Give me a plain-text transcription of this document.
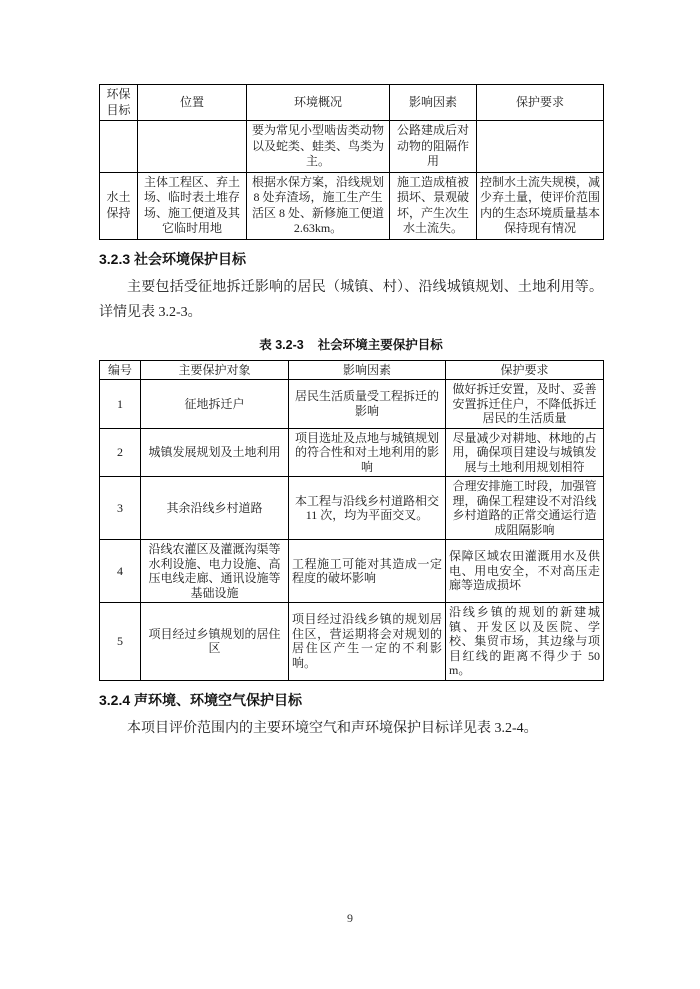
环保目标	位置	环境概况	影响因素	保护要求
		要为常见小型啮齿类动物以及蛇类、蛙类、鸟类为主。	公路建成后对动物的阻隔作用	
水土保持	主体工程区、弃土场、临时表土堆存场、施工便道及其它临时用地	根据水保方案，沿线规划 8 处弃渣场，施工生产生活区 8 处、新修施工便道 2.63km。	施工造成植被损坏、景观破坏，产生次生水土流失。	控制水土流失规模，减少弃土量，使评价范围内的生态环境质量基本保持现有情况
3.2.3 社会环境保护目标

主要包括受征地拆迁影响的居民（城镇、村）、沿线城镇规划、土地利用等。详情见表 3.2-3。

表 3.2-3 社会环境主要保护目标
编号	主要保护对象	影响因素	保护要求
1	征地拆迁户	居民生活质量受工程拆迁的影响	做好拆迁安置，及时、妥善安置拆迁住户，不降低拆迁居民的生活质量
2	城镇发展规划及土地利用	项目选址及点地与城镇规划的符合性和对土地利用的影响	尽量减少对耕地、林地的占用，确保项目建设与城镇发展与土地利用规划相符
3	其余沿线乡村道路	本工程与沿线乡村道路相交 11 次，均为平面交叉。	合理安排施工时段，加强管理，确保工程建设不对沿线乡村道路的正常交通运行造成阻隔影响
4	沿线农灌区及灌溉沟渠等水利设施、电力设施、高压电线走廊、通讯设施等基础设施	工程施工可能对其造成一定程度的破坏影响	保障区域农田灌溉用水及供电、用电安全，不对高压走廊等造成损坏
5	项目经过乡镇规划的居住区	项目经过沿线乡镇的规划居住区，营运期将会对规划的居住区产生一定的不利影响。	沿线乡镇的规划的新建城镇、开发区以及医院、学校、集贸市场，其边缘与项目红线的距离不得少于 50m。
3.2.4 声环境、环境空气保护目标

本项目评价范围内的主要环境空气和声环境保护目标详见表 3.2-4。

9
